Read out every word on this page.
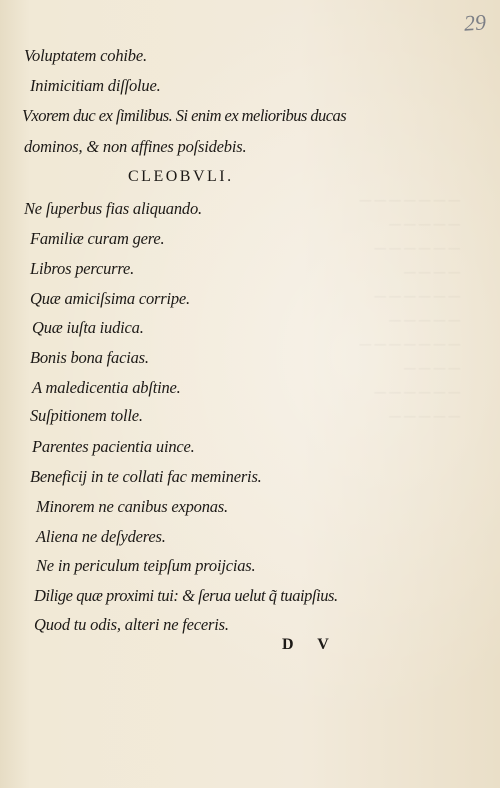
29
— — — — — — —
— — — — —
— — — — — —
— — — —
— — — — — —
— — — — —
— — — — — — —
— — — —
— — — — — —
— — — — —
Voluptatem cohibe.
Inimicitiam diſſolue.
Vxorem duc ex ſimilibus. Si enim ex melioribus ducas
dominos, & non affines poſsidebis.
CLEOBVLI.
Ne ſuperbus fias aliquando.
Familiæ curam gere.
Libros percurre.
Quæ amiciſsima corripe.
Quæ iuſta iudica.
Bonis bona facias.
A maledicentia abſtine.
Suſpitionem tolle.
Parentes pacientia uince.
Beneficij in te collati fac memineris.
Minorem ne canibus exponas.
Aliena ne deſyderes.
Ne in periculum teipſum proijcias.
Dilige quæ proximi tui: & ſerua uelut q̃ tuaipſius.
Quod tu odis, alteri ne feceris.
D V
